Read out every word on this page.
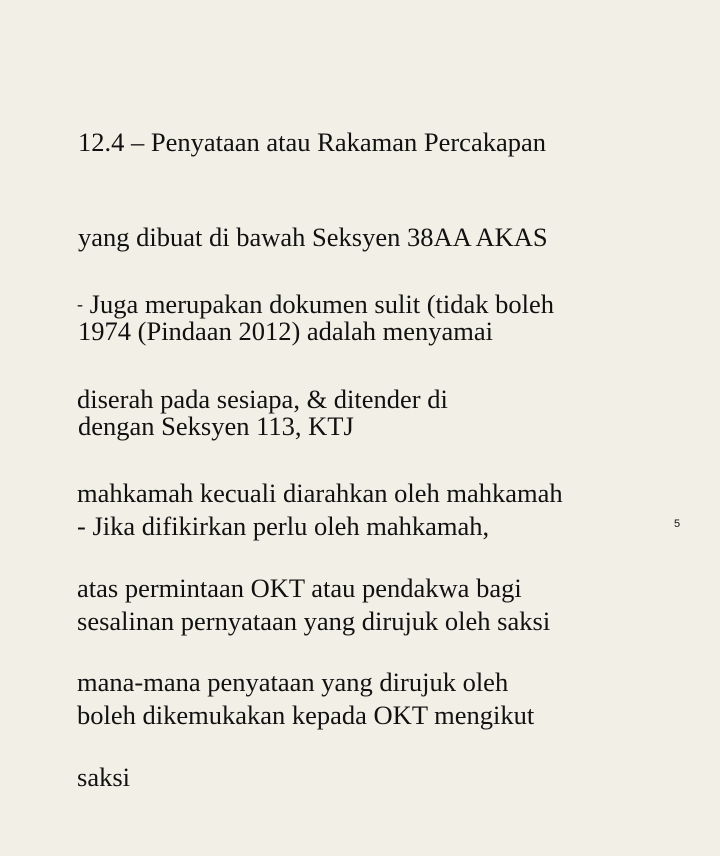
12.4 – Penyataan atau Rakaman Percakapan

yang dibuat di bawah Seksyen 38AA AKAS

1974 (Pindaan 2012) adalah menyamai

dengan Seksyen 113, KTJ

- Juga merupakan dokumen sulit (tidak boleh

diserah pada sesiapa, & ditender di

mahkamah kecuali diarahkan oleh mahkamah

atas permintaan OKT atau pendakwa bagi

mana-mana penyataan yang dirujuk oleh

saksi

- Jika difikirkan perlu oleh mahkamah,

sesalinan pernyataan yang dirujuk oleh saksi

boleh dikemukakan kepada OKT mengikut

5
